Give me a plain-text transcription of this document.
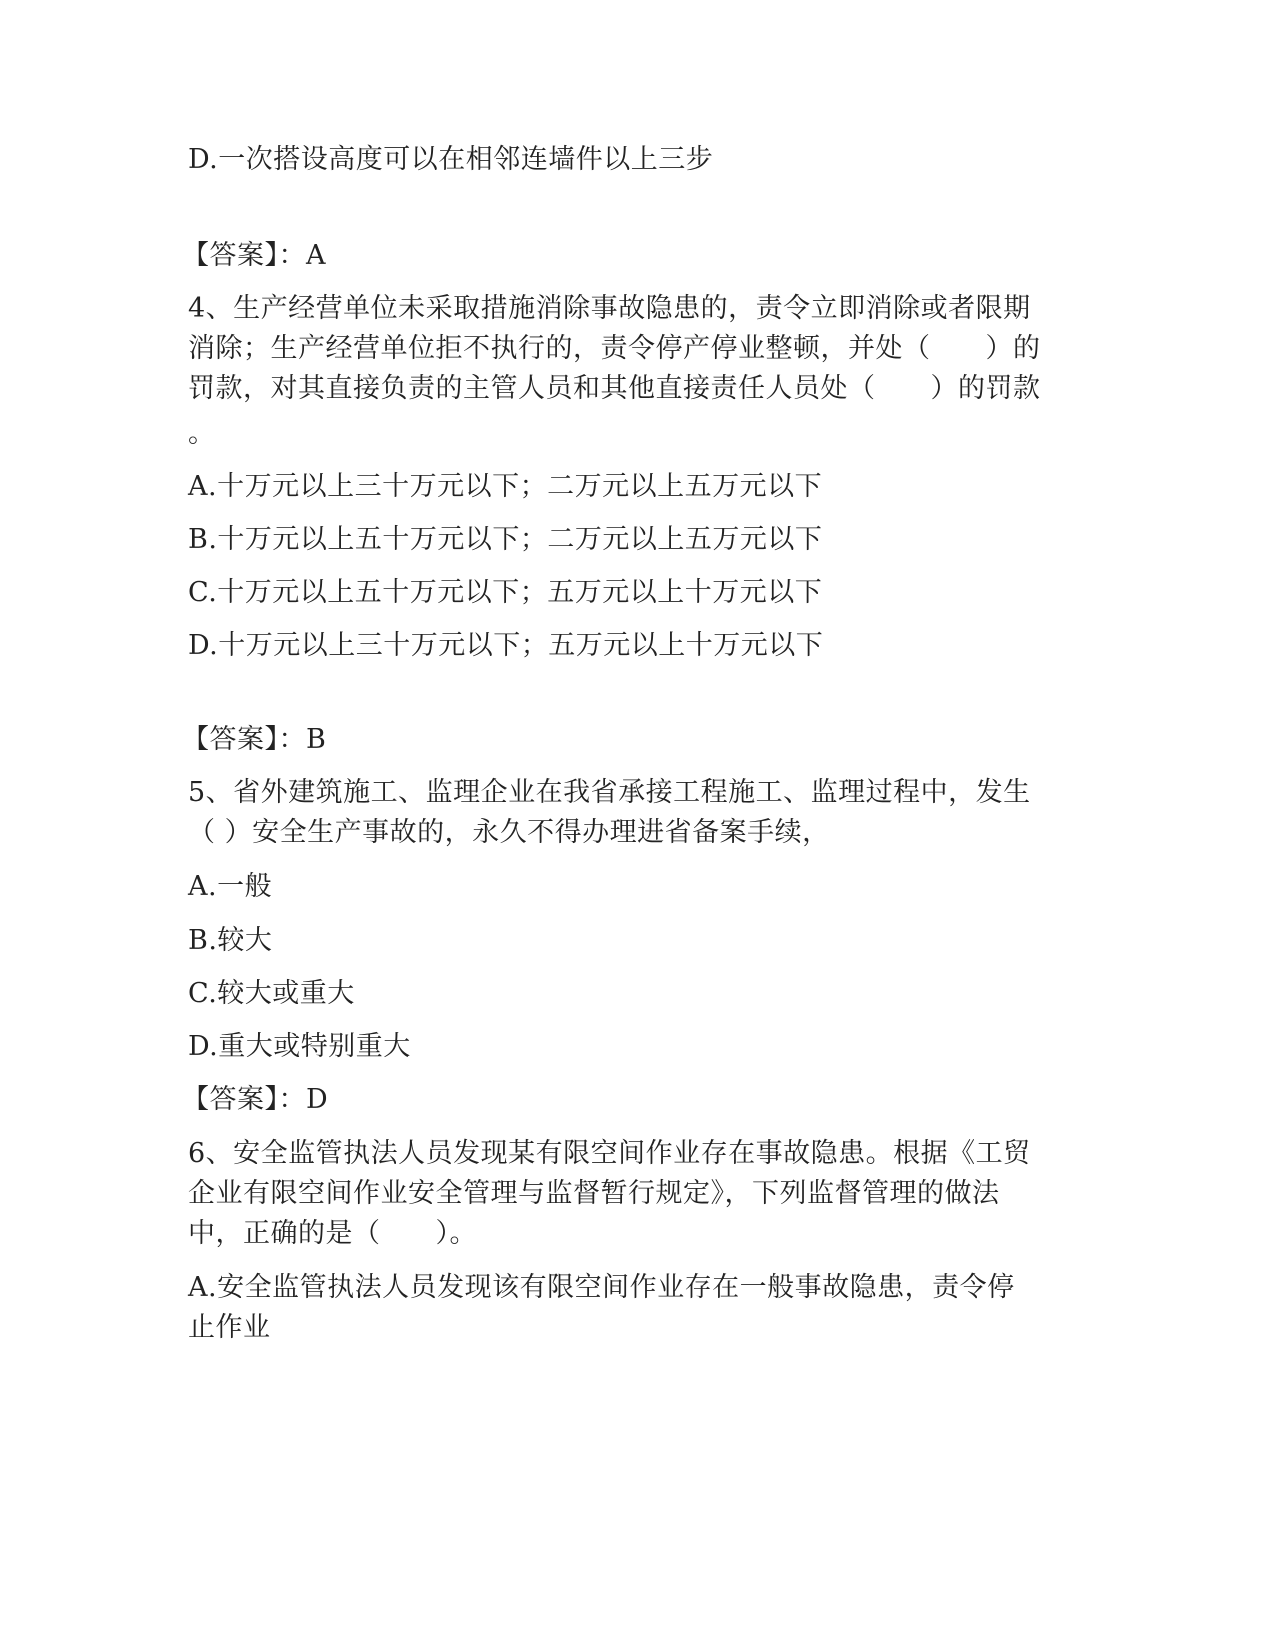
D.一次搭设高度可以在相邻连墙件以上三步
【答案】：A
4、生产经营单位未采取措施消除事故隐患的，责令立即消除或者限期
消除；生产经营单位拒不执行的，责令停产停业整顿，并处（　　）的
罚款，对其直接负责的主管人员和其他直接责任人员处（　　）的罚款
。
A.十万元以上三十万元以下；二万元以上五万元以下
B.十万元以上五十万元以下；二万元以上五万元以下
C.十万元以上五十万元以下；五万元以上十万元以下
D.十万元以上三十万元以下；五万元以上十万元以下
【答案】：B
5、省外建筑施工、监理企业在我省承接工程施工、监理过程中，发生
（ ）安全生产事故的，永久不得办理进省备案手续，
A.一般
B.较大
C.较大或重大
D.重大或特别重大
【答案】：D
6、安全监管执法人员发现某有限空间作业存在事故隐患。根据《工贸
企业有限空间作业安全管理与监督暂行规定》，下列监督管理的做法
中，正确的是（　　）。
A.安全监管执法人员发现该有限空间作业存在一般事故隐患，责令停
止作业
